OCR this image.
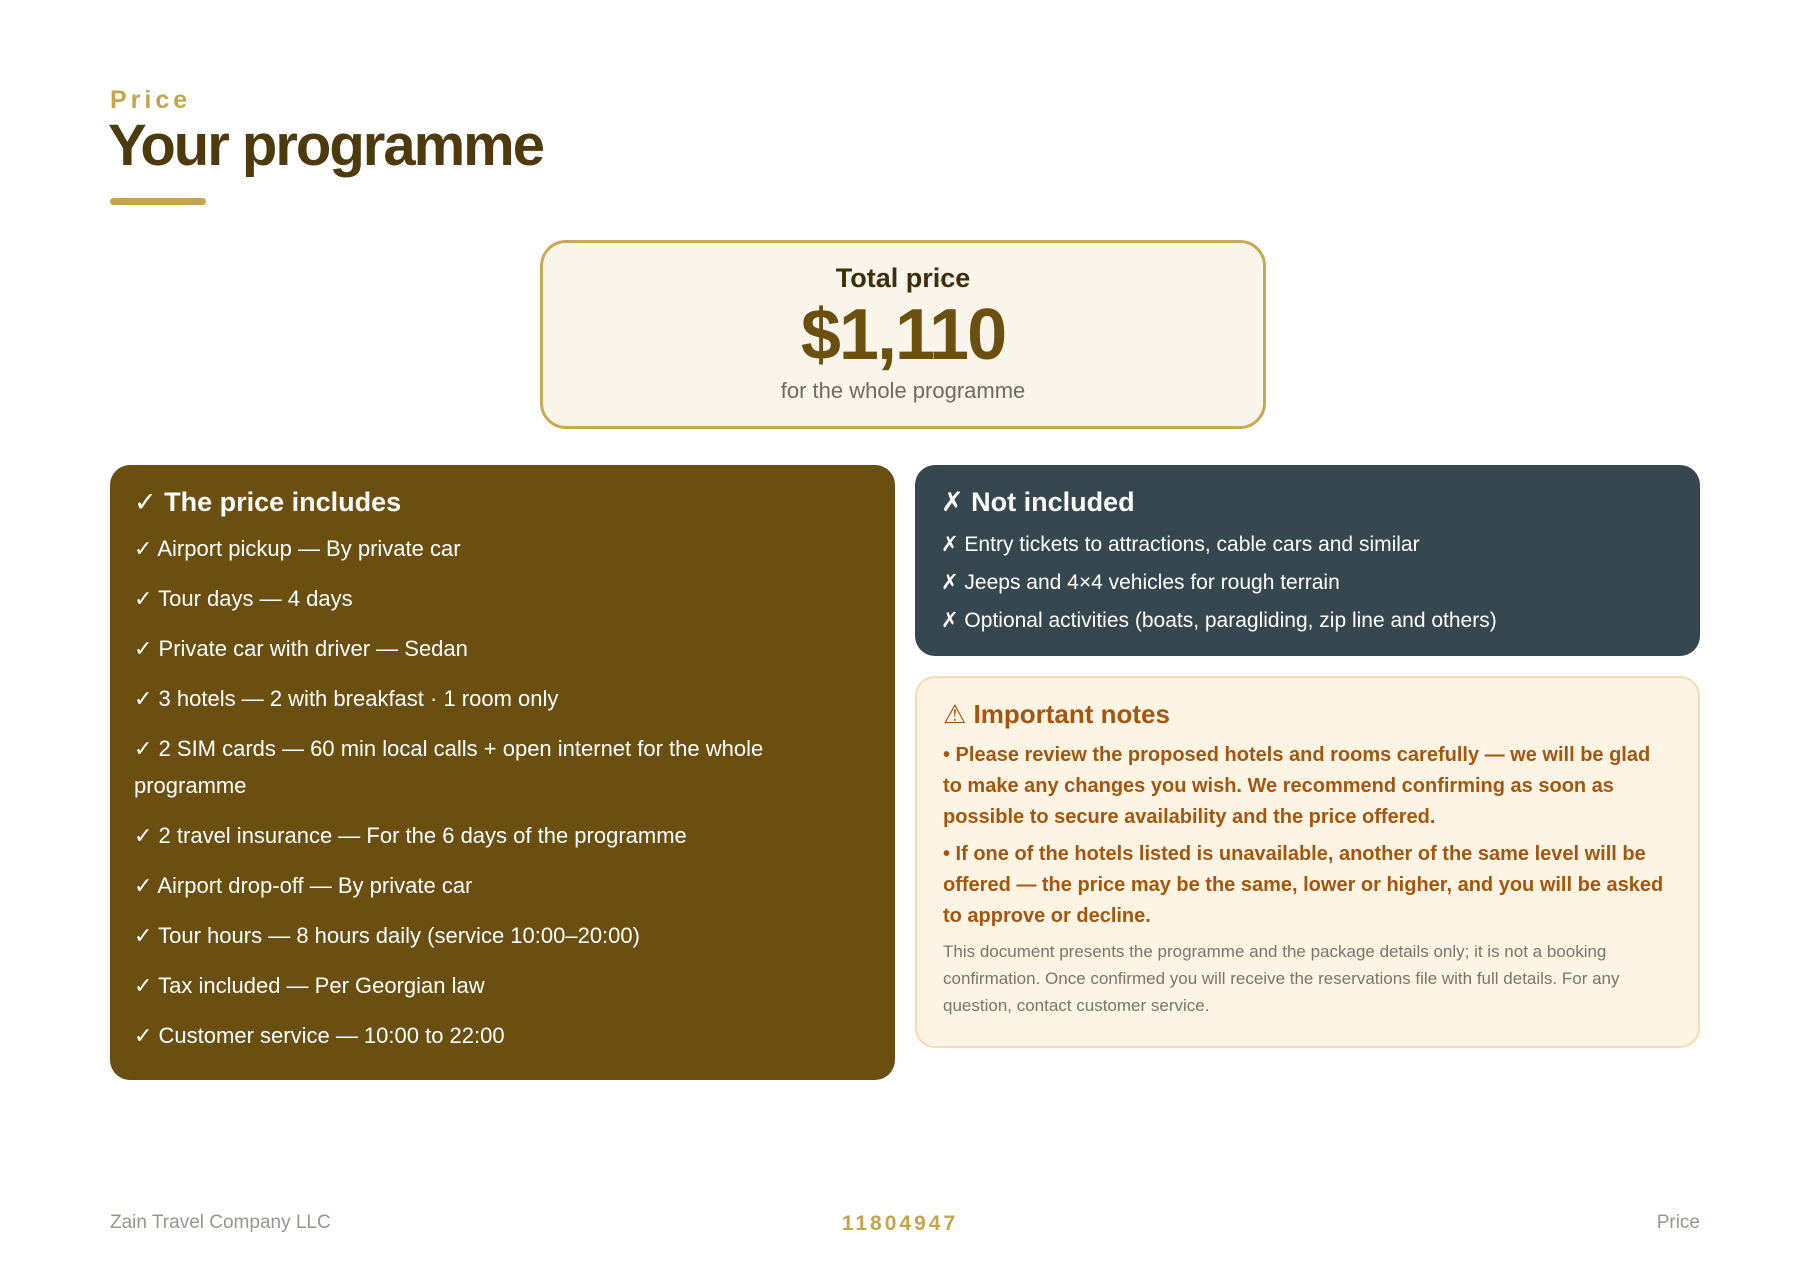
Price
Your programme
Total price
$1,110
for the whole programme
✓ The price includes
✓ Airport pickup — By private car
✓ Tour days — 4 days
✓ Private car with driver — Sedan
✓ 3 hotels — 2 with breakfast · 1 room only
✓ 2 SIM cards — 60 min local calls + open internet for the whole programme
✓ 2 travel insurance — For the 6 days of the programme
✓ Airport drop-off — By private car
✓ Tour hours — 8 hours daily (service 10:00–20:00)
✓ Tax included — Per Georgian law
✓ Customer service — 10:00 to 22:00
✗ Not included
✗ Entry tickets to attractions, cable cars and similar
✗ Jeeps and 4×4 vehicles for rough terrain
✗ Optional activities (boats, paragliding, zip line and others)
⚠ Important notes

• Please review the proposed hotels and rooms carefully — we will be glad to make any changes you wish. We recommend confirming as soon as possible to secure availability and the price offered.

• If one of the hotels listed is unavailable, another of the same level will be offered — the price may be the same, lower or higher, and you will be asked to approve or decline.

This document presents the programme and the package details only; it is not a booking confirmation. Once confirmed you will receive the reservations file with full details. For any question, contact customer service.

Zain Travel Company LLC	11804947	Price
